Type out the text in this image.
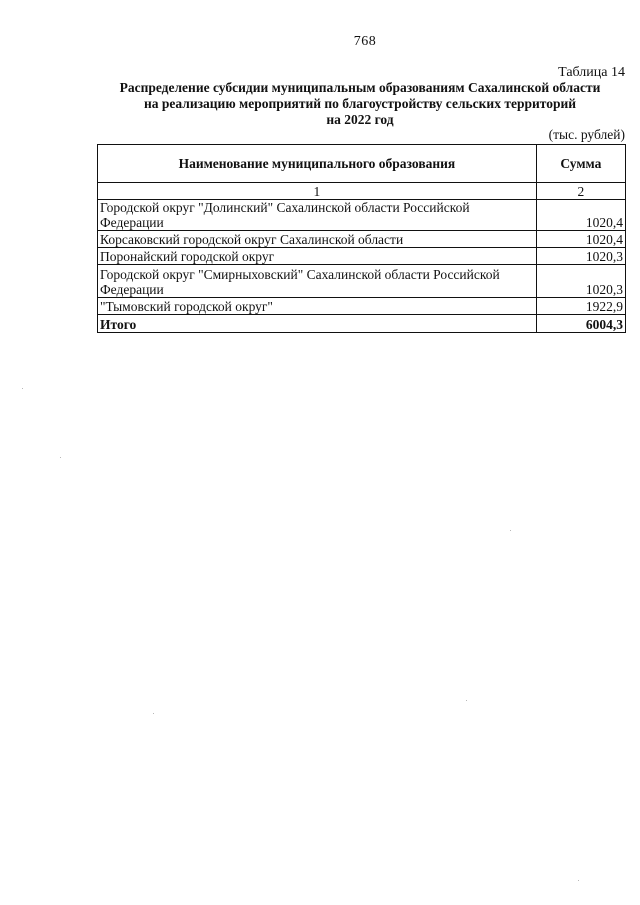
768
Таблица 14
Распределение субсидии муниципальным образованиям Сахалинской области
на реализацию мероприятий по благоустройству сельских территорий
на 2022 год
(тыс. рублей)
Наименование муниципального образования	Сумма
1	2
Городской округ "Долинский" Сахалинской области Российской Федерации	1020,4
Корсаковский городской округ Сахалинской области	1020,4
Поронайский городской округ	1020,3
Городской округ "Смирныховский" Сахалинской области Российской Федерации	1020,3
"Тымовский городской округ"	1922,9
Итого	6004,3
